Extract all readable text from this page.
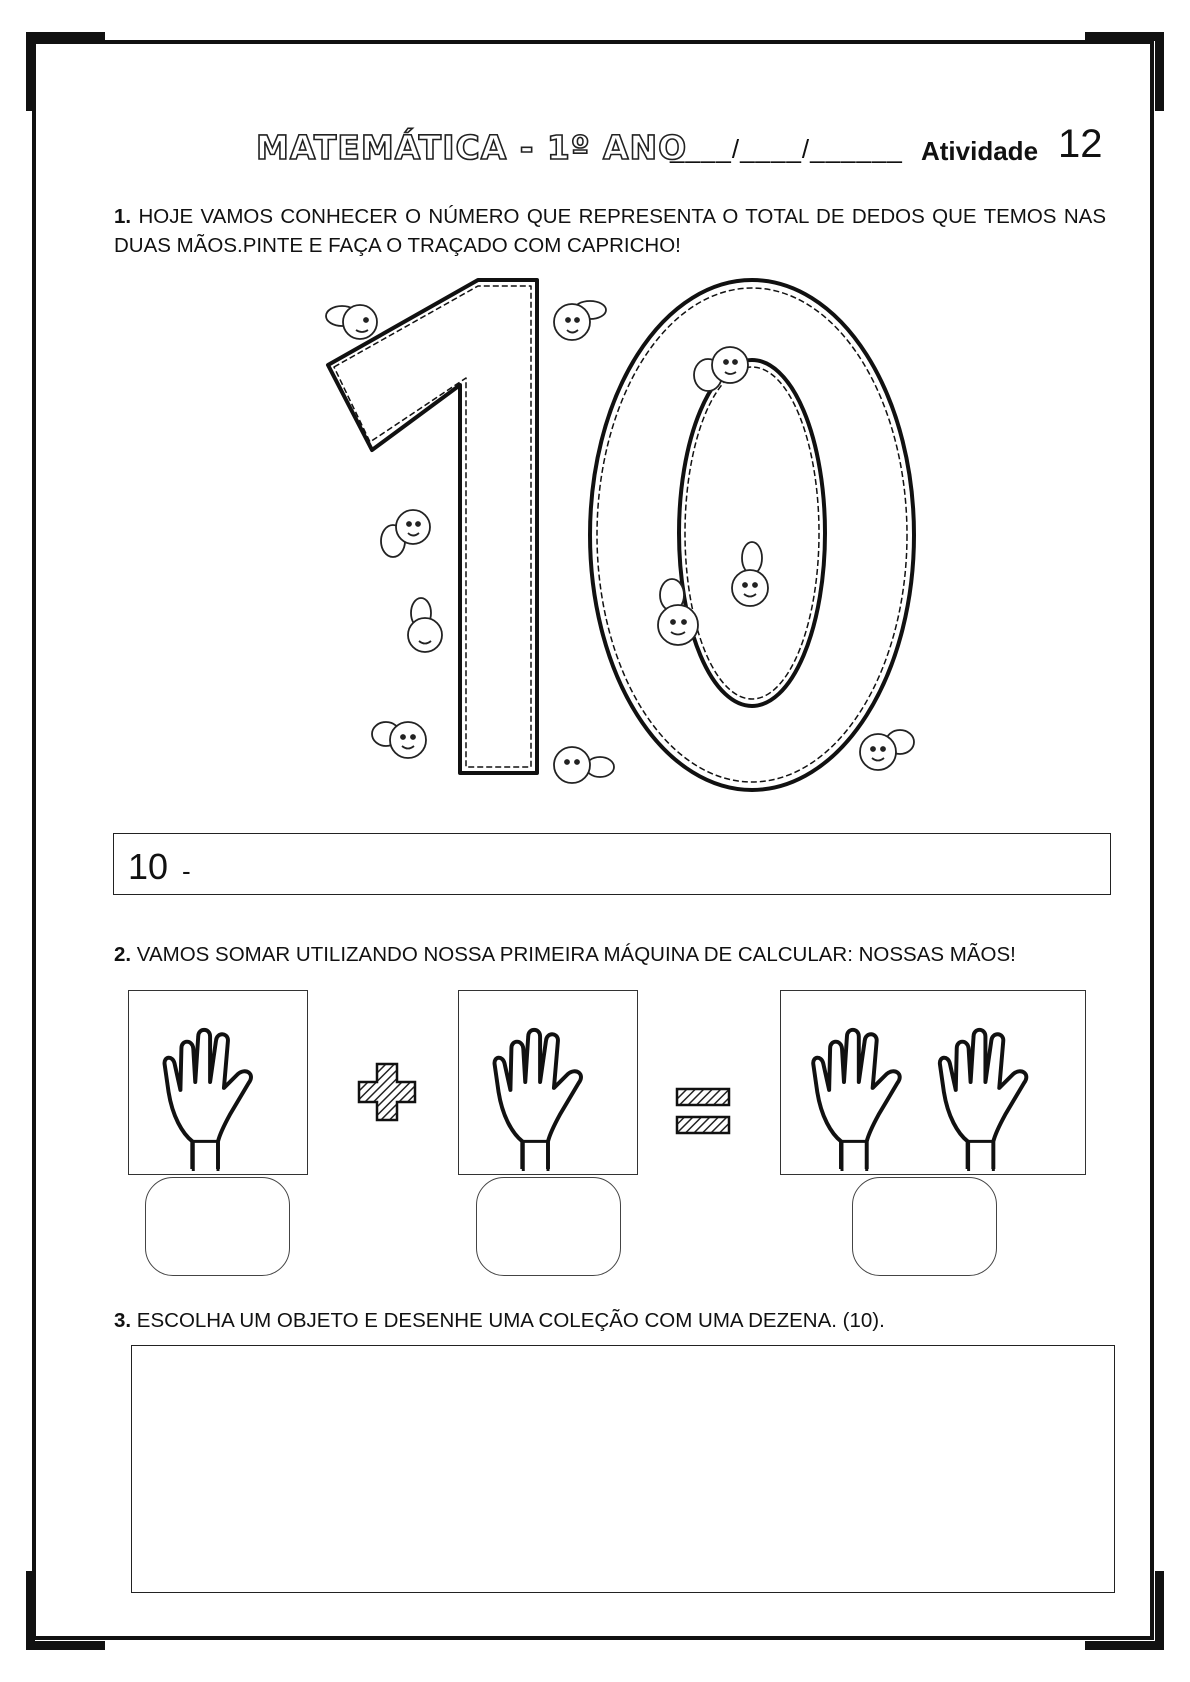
MATEMÁTICA - 1º ANO
____/____/______ Atividade 12
1. HOJE VAMOS CONHECER O NÚMERO QUE REPRESENTA O TOTAL DE DEDOS QUE TEMOS NAS DUAS MÃOS.PINTE E FAÇA O TRAÇADO COM CAPRICHO!
10 -
2. VAMOS SOMAR UTILIZANDO NOSSA PRIMEIRA MÁQUINA DE CALCULAR: NOSSAS MÃOS!
3. ESCOLHA UM OBJETO E DESENHE UMA COLEÇÃO COM UMA DEZENA. (10).
